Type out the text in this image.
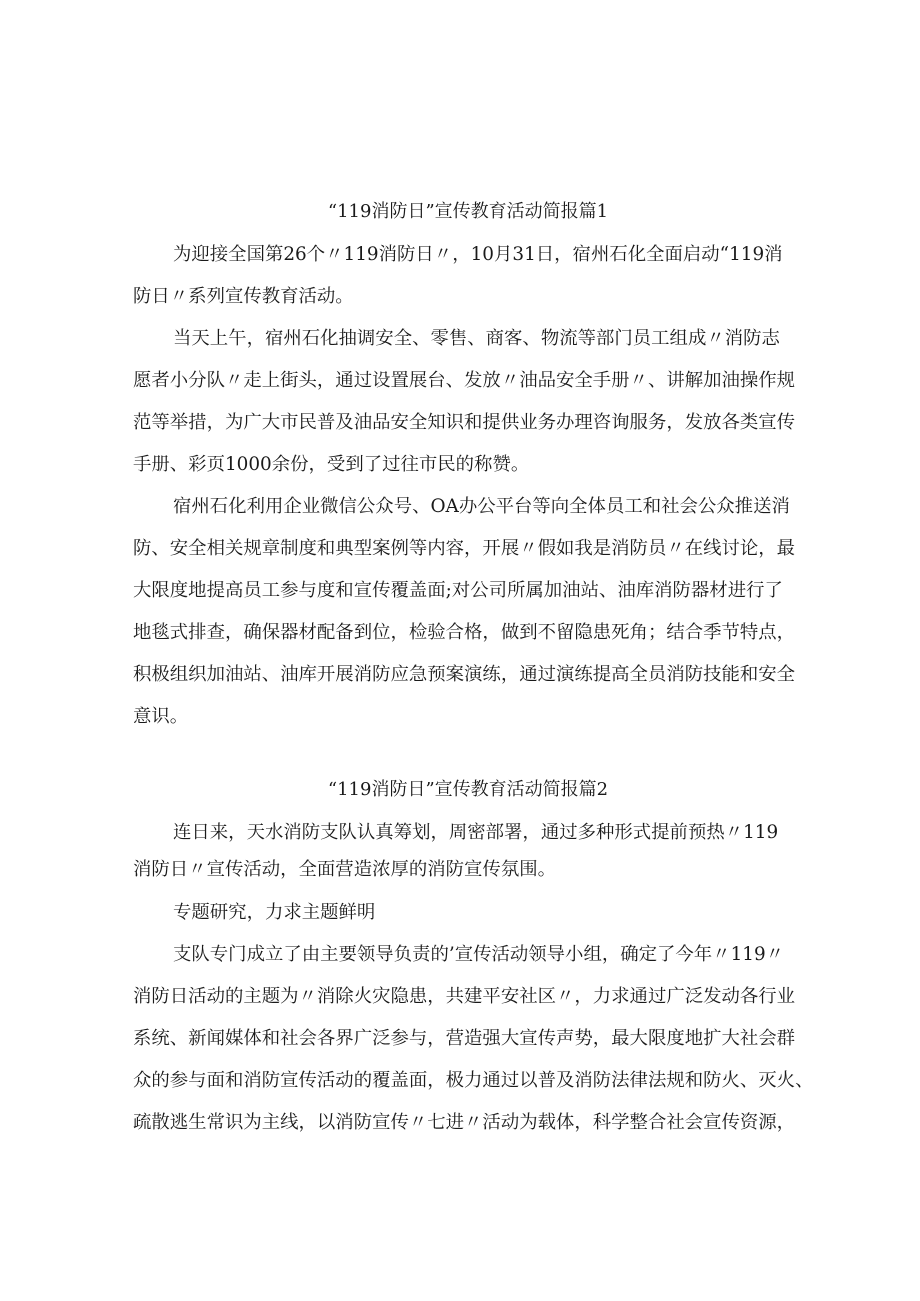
“119消防日”宣传教育活动简报篇1
为迎接全国第26个〃119消防日〃，10月31日，宿州石化全面启动“119消
防日〃系列宣传教育活动。
当天上午，宿州石化抽调安全、零售、商客、物流等部门员工组成〃消防志
愿者小分队〃走上街头，通过设置展台、发放〃油品安全手册〃、讲解加油操作规
范等举措，为广大市民普及油品安全知识和提供业务办理咨询服务，发放各类宣传
手册、彩页1000余份，受到了过往市民的称赞。
宿州石化利用企业微信公众号、OA办公平台等向全体员工和社会公众推送消
防、安全相关规章制度和典型案例等内容，开展〃假如我是消防员〃在线讨论，最
大限度地提高员工参与度和宣传覆盖面;对公司所属加油站、油库消防器材进行了
地毯式排查，确保器材配备到位，检验合格，做到不留隐患死角；结合季节特点，
积极组织加油站、油库开展消防应急预案演练，通过演练提高全员消防技能和安全
意识。
“119消防日”宣传教育活动简报篇2
连日来，天水消防支队认真筹划，周密部署，通过多种形式提前预热〃119
消防日〃宣传活动，全面营造浓厚的消防宣传氛围。
专题研究，力求主题鲜明
支队专门成立了由主要领导负责的’宣传活动领导小组，确定了今年〃119〃
消防日活动的主题为〃消除火灾隐患，共建平安社区〃，力求通过广泛发动各行业
系统、新闻媒体和社会各界广泛参与，营造强大宣传声势，最大限度地扩大社会群
众的参与面和消防宣传活动的覆盖面，极力通过以普及消防法律法规和防火、灭火、
疏散逃生常识为主线，以消防宣传〃七进〃活动为载体，科学整合社会宣传资源，
